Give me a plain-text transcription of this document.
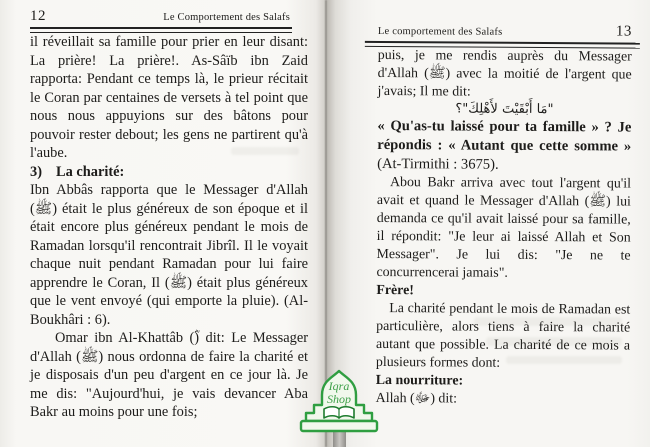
12	Le Comportement des Salafs

il réveillait sa famille pour prier en leur disant: La prière! La prière!. As-Sâïb ibn Zaid rapporta: Pendant ce temps là, le prieur récitait le Coran par centaines de versets à tel point que nous nous appuyions sur des bâtons pour pouvoir rester debout; les gens ne partirent qu'à l'aube.

3) La charité:

Ibn Abbâs rapporta que le Messager d'Allah (ﷺ) était le plus généreux de son époque et il était encore plus généreux pendant le mois de Ramadan lorsqu'il rencontrait Jibrîl. Il le voyait chaque nuit pendant Ramadan pour lui faire apprendre le Coran, Il (ﷺ) était plus généreux que le vent envoyé (qui emporte la pluie). (Al-Boukhâri : 6).

Omar ibn Al-Khattâb (ؓ) dit: Le Messager d'Allah (ﷺ) nous ordonna de faire la charité et je disposais d'un peu d'argent en ce jour là. Je me dis: "Aujourd'hui, je vais devancer Aba Bakr au moins pour une fois;

Le comportement des Salafs	13

puis, je me rendis auprès du Messager d'Allah (ﷺ) avec la moitié de l'argent que j'avais; Il me dit:

"مَا أَبْقَيْتَ لأَهْلِكَ"؟

« Qu'as-tu laissé pour ta famille » ? Je répondis : « Autant que cette somme » (At-Tirmithi : 3675).

Abou Bakr arriva avec tout l'argent qu'il avait et quand le Messager d'Allah (ﷺ) lui demanda ce qu'il avait laissé pour sa famille, il répondit: "Je leur ai laissé Allah et Son Messager". Je lui dis: "Je ne te concurrencerai jamais".

Frère!

La charité pendant le mois de Ramadan est particulière, alors tiens à faire la charité autant que possible. La charité de ce mois a plusieurs formes dont:

La nourriture:

Allah (ﷻ) dit:

Iqra
Shop
